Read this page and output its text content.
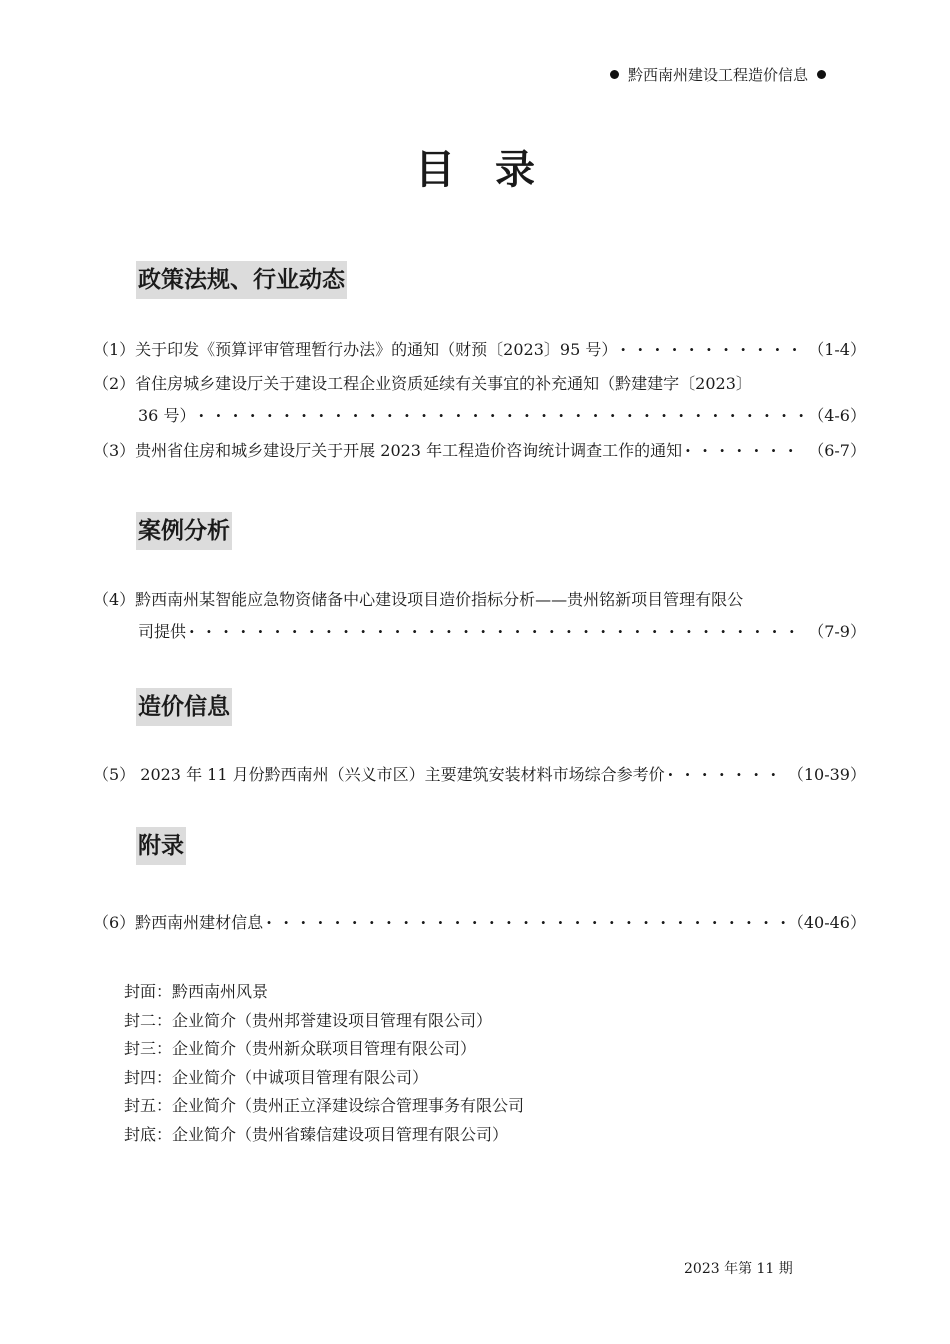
黔西南州建设工程造价信息
目录
政策法规、行业动态
（1）关于印发《预算评审管理暂行办法》的通知（财预〔2023〕95 号） · · ·	（1-4）
（2）省住房城乡建设厅关于建设工程企业资质延续有关事宜的补充通知（黔建建字〔2023〕
36 号） · · ·	（4-6）
（3）贵州省住房和城乡建设厅关于开展 2023 年工程造价咨询统计调查工作的通知 · · ·	（6-7）
案例分析
（4）黔西南州某智能应急物资储备中心建设项目造价指标分析——贵州铭新项目管理有限公
司提供 · · ·	（7-9）
造价信息
（5） 2023 年 11 月份黔西南州（兴义市区）主要建筑安装材料市场综合参考价 · · ·	（10-39）
附录
（6）黔西南州建材信息 · · ·	（40-46）
封面：黔西南州风景
封二：企业简介（贵州邦誉建设项目管理有限公司）
封三：企业简介（贵州新众联项目管理有限公司）
封四：企业简介（中诚项目管理有限公司）
封五：企业简介（贵州正立泽建设综合管理事务有限公司
封底：企业简介（贵州省臻信建设项目管理有限公司）
2023 年第 11 期
